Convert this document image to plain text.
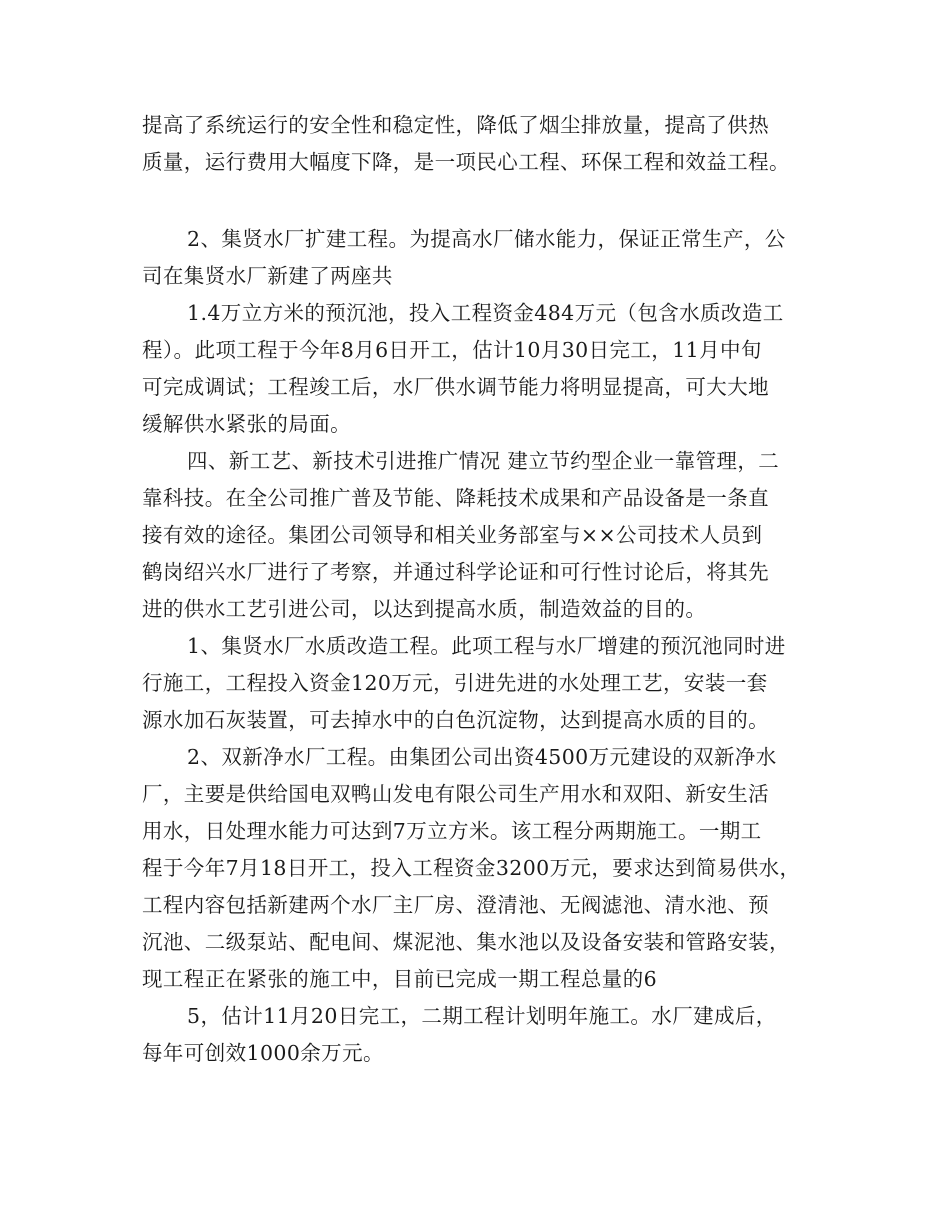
提高了系统运行的安全性和稳定性，降低了烟尘排放量，提高了供热
质量，运行费用大幅度下降，是一项民心工程、环保工程和效益工程。
2、集贤水厂扩建工程。为提高水厂储水能力，保证正常生产，公
司在集贤水厂新建了两座共
1.4万立方米的预沉池，投入工程资金484万元（包含水质改造工
程）。此项工程于今年8月6日开工，估计10月30日完工，11月中旬
可完成调试；工程竣工后，水厂供水调节能力将明显提高，可大大地
缓解供水紧张的局面。
四、新工艺、新技术引进推广情况 建立节约型企业一靠管理，二
靠科技。在全公司推广普及节能、降耗技术成果和产品设备是一条直
接有效的途径。集团公司领导和相关业务部室与××公司技术人员到
鹤岗绍兴水厂进行了考察，并通过科学论证和可行性讨论后，将其先
进的供水工艺引进公司，以达到提高水质，制造效益的目的。
1、集贤水厂水质改造工程。此项工程与水厂增建的预沉池同时进
行施工，工程投入资金120万元，引进先进的水处理工艺，安装一套
源水加石灰装置，可去掉水中的白色沉淀物，达到提高水质的目的。
2、双新净水厂工程。由集团公司出资4500万元建设的双新净水
厂，主要是供给国电双鸭山发电有限公司生产用水和双阳、新安生活
用水，日处理水能力可达到7万立方米。该工程分两期施工。一期工
程于今年7月18日开工，投入工程资金3200万元，要求达到简易供水，
工程内容包括新建两个水厂主厂房、澄清池、无阀滤池、清水池、预
沉池、二级泵站、配电间、煤泥池、集水池以及设备安装和管路安装，
现工程正在紧张的施工中，目前已完成一期工程总量的6
5，估计11月20日完工，二期工程计划明年施工。水厂建成后，
每年可创效1000余万元。
